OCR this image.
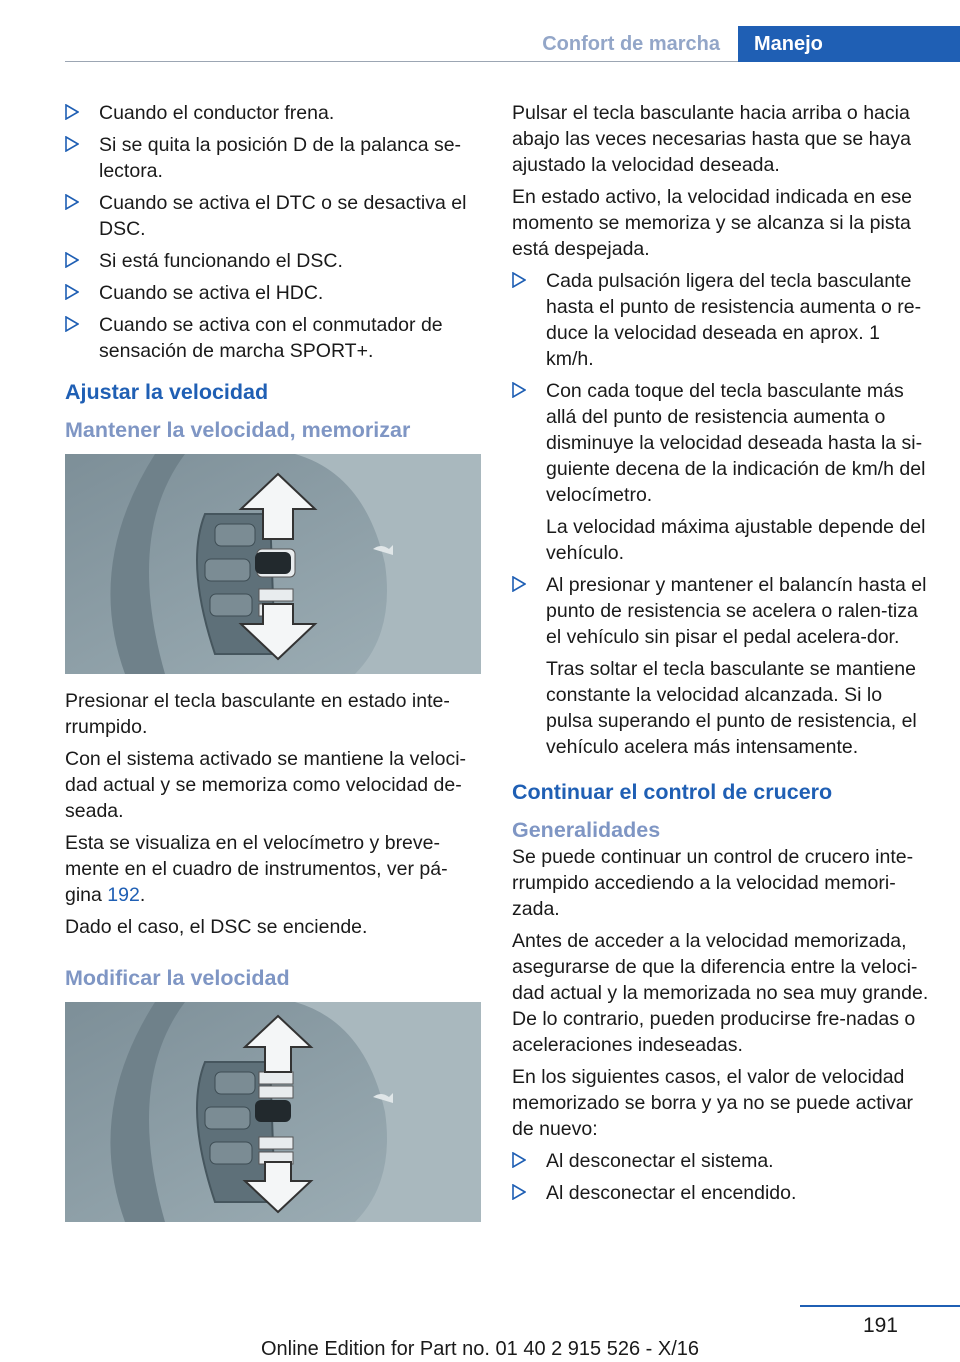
Confort de marcha	Manejo
Cuando el conductor frena.
Si se quita la posición D de la palanca se-lectora.
Cuando se activa el DTC o se desactiva el DSC.
Si está funcionando el DSC.
Cuando se activa el HDC.
Cuando se activa con el conmutador de sensación de marcha SPORT+.
Ajustar la velocidad
Mantener la velocidad, memorizar

Presionar el tecla basculante en estado inte-rrumpido.

Con el sistema activado se mantiene la veloci-dad actual y se memoriza como velocidad de-seada.

Esta se visualiza en el velocímetro y breve-mente en el cuadro de instrumentos, ver pá-gina 192.

Dado el caso, el DSC se enciende.

Modificar la velocidad

Pulsar el tecla basculante hacia arriba o hacia abajo las veces necesarias hasta que se haya ajustado la velocidad deseada.

En estado activo, la velocidad indicada en ese momento se memoriza y se alcanza si la pista está despejada.

Cada pulsación ligera del tecla basculante hasta el punto de resistencia aumenta o re-duce la velocidad deseada en aprox. 1 km/h.
Con cada toque del tecla basculante más allá del punto de resistencia aumenta o disminuye la velocidad deseada hasta la si-guiente decena de la indicación de km/h del velocímetro.
La velocidad máxima ajustable depende del vehículo.
Al presionar y mantener el balancín hasta el punto de resistencia se acelera o ralen-tiza el vehículo sin pisar el pedal acelera-dor.
Tras soltar el tecla basculante se mantiene constante la velocidad alcanzada. Si lo pulsa superando el punto de resistencia, el vehículo acelera más intensamente.
Continuar el control de crucero
Generalidades

Se puede continuar un control de crucero inte-rrumpido accediendo a la velocidad memori-zada.

Antes de acceder a la velocidad memorizada, asegurarse de que la diferencia entre la veloci-dad actual y la memorizada no sea muy grande. De lo contrario, pueden producirse fre-nadas o aceleraciones indeseadas.

En los siguientes casos, el valor de velocidad memorizado se borra y ya no se puede activar de nuevo:

Al desconectar el sistema.
Al desconectar el encendido.
191
Online Edition for Part no. 01 40 2 915 526 - X/16
